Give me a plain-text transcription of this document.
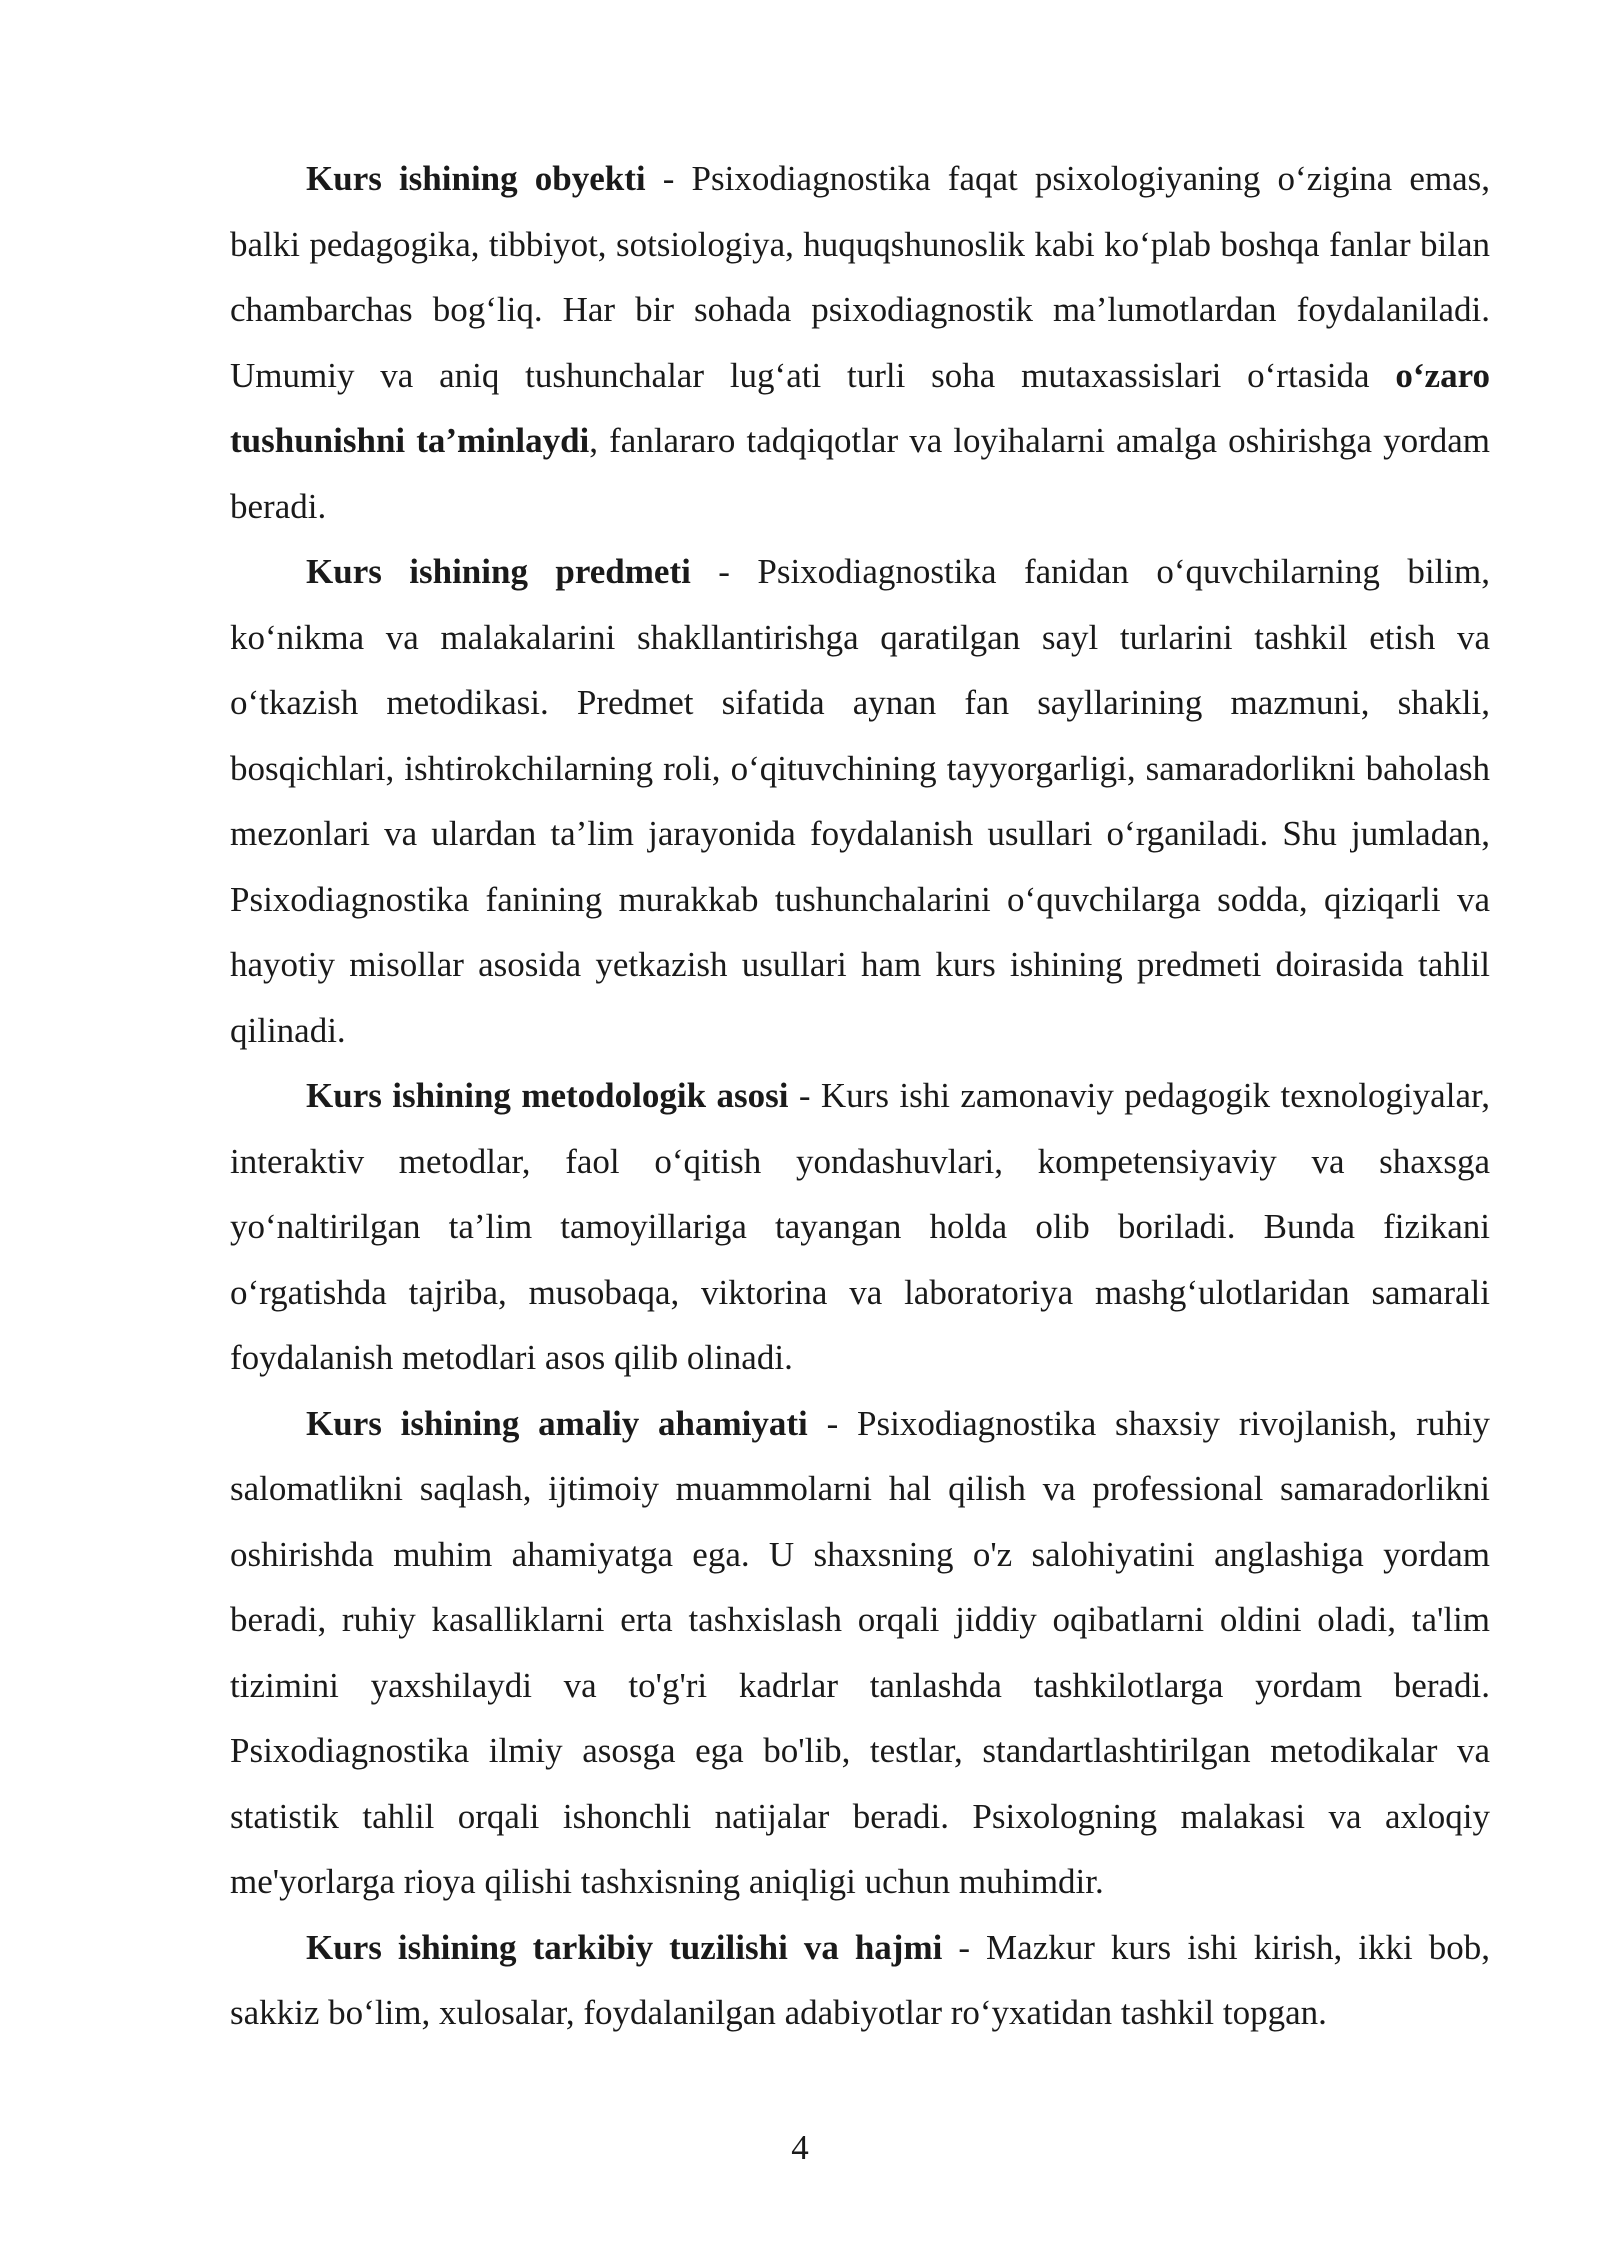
Kurs ishining obyekti - Psixodiagnostika faqat psixologiyaning o‘zigina emas, balki pedagogika, tibbiyot, sotsiologiya, huquqshunoslik kabi ko‘plab boshqa fanlar bilan chambarchas bog‘liq. Har bir sohada psixodiagnostik ma’lumotlardan foydalaniladi. Umumiy va aniq tushunchalar lug‘ati turli soha mutaxassislari o‘rtasida o‘zaro tushunishni ta’minlaydi, fanlararo tadqiqotlar va loyihalarni amalga oshirishga yordam beradi.

Kurs ishining predmeti - Psixodiagnostika fanidan o‘quvchilarning bilim, ko‘nikma va malakalarini shakllantirishga qaratilgan sayl turlarini tashkil etish va o‘tkazish metodikasi. Predmet sifatida aynan fan sayllarining mazmuni, shakli, bosqichlari, ishtirokchilarning roli, o‘qituvchining tayyorgarligi, samaradorlikni baholash mezonlari va ulardan ta’lim jarayonida foydalanish usullari o‘rganiladi. Shu jumladan, Psixodiagnostika fanining murakkab tushunchalarini o‘quvchilarga sodda, qiziqarli va hayotiy misollar asosida yetkazish usullari ham kurs ishining predmeti doirasida tahlil qilinadi.

Kurs ishining metodologik asosi - Kurs ishi zamonaviy pedagogik texnologiyalar, interaktiv metodlar, faol o‘qitish yondashuvlari, kompetensiyaviy va shaxsga yo‘naltirilgan ta’lim tamoyillariga tayangan holda olib boriladi. Bunda fizikani o‘rgatishda tajriba, musobaqa, viktorina va laboratoriya mashg‘ulotlaridan samarali foydalanish metodlari asos qilib olinadi.

Kurs ishining amaliy ahamiyati - Psixodiagnostika shaxsiy rivojlanish, ruhiy salomatlikni saqlash, ijtimoiy muammolarni hal qilish va professional samaradorlikni oshirishda muhim ahamiyatga ega. U shaxsning o'z salohiyatini anglashiga yordam beradi, ruhiy kasalliklarni erta tashxislash orqali jiddiy oqibatlarni oldini oladi, ta'lim tizimini yaxshilaydi va to'g'ri kadrlar tanlashda tashkilotlarga yordam beradi. Psixodiagnostika ilmiy asosga ega bo'lib, testlar, standartlashtirilgan metodikalar va statistik tahlil orqali ishonchli natijalar beradi. Psixologning malakasi va axloqiy me'yorlarga rioya qilishi tashxisning aniqligi uchun muhimdir.

Kurs ishining tarkibiy tuzilishi va hajmi - Mazkur kurs ishi kirish, ikki bob, sakkiz bo‘lim, xulosalar, foydalanilgan adabiyotlar ro‘yxatidan tashkil topgan.

4
